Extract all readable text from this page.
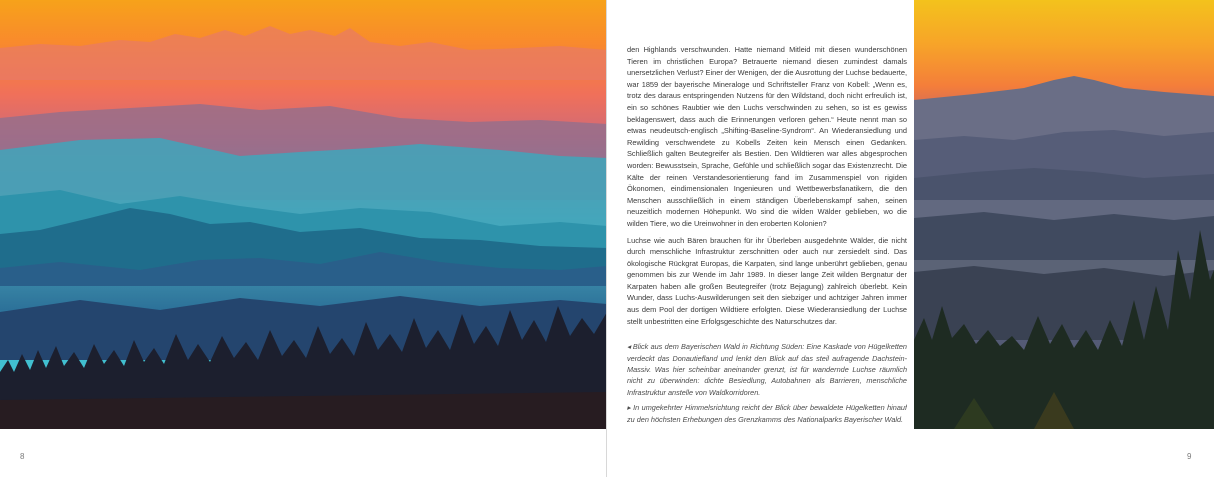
8

den Highlands verschwunden. Hatte niemand Mitleid mit diesen wunderschönen Tieren im christlichen Europa? Betrauerte niemand diesen zumindest damals unersetzlichen Verlust? Einer der Wenigen, der die Ausrottung der Luchse bedauerte, war 1859 der bayerische Mineraloge und Schriftsteller Franz von Kobell: „Wenn es, trotz des daraus entspringenden Nutzens für den Wildstand, doch nicht erfreulich ist, ein so schönes Raubtier wie den Luchs verschwinden zu sehen, so ist es gewiss beklagenswert, dass auch die Erinnerungen verloren gehen.“ Heute nennt man so etwas neudeutsch-englisch „Shifting-Baseline-Syndrom“. An Wiederansiedlung und Rewilding verschwendete zu Kobells Zeiten kein Mensch einen Gedanken. Schließlich galten Beutegreifer als Bestien. Den Wildtieren war alles abgesprochen worden: Bewusstsein, Sprache, Gefühle und schließlich sogar das Existenzrecht. Die Kälte der reinen Verstandesorientierung fand im Zusammenspiel von rigiden Ökonomen, eindimensionalen Ingenieuren und Wettbewerbsfanatikern, die den Menschen ausschließlich in einem ständigen Überlebenskampf sahen, seinen neuzeitlich modernen Höhepunkt. Wo sind die wilden Wälder geblieben, wo die wilden Tiere, wo die Ureinwohner in den eroberten Kolonien?

Luchse wie auch Bären brauchen für ihr Überleben ausgedehnte Wälder, die nicht durch menschliche Infrastruktur zerschnitten oder auch nur zersiedelt sind. Das ökologische Rückgrat Europas, die Karpaten, sind lange unberührt geblieben, genau genommen bis zur Wende im Jahr 1989. In dieser lange Zeit wilden Bergnatur der Karpaten haben alle großen Beutegreifer (trotz Bejagung) zahlreich überlebt. Kein Wunder, dass Luchs-Auswilderungen seit den siebziger und achtziger Jahren immer aus dem Pool der dortigen Wildtiere erfolgten. Diese Wiederansiedlung der Luchse stellt unbestritten eine Erfolgsgeschichte des Naturschutzes dar.

◂ Blick aus dem Bayerischen Wald in Richtung Süden: Eine Kaskade von Hügelketten verdeckt das Donautiefland und lenkt den Blick auf das steil aufragende Dachstein-Massiv. Was hier scheinbar aneinander grenzt, ist für wandernde Luchse räumlich nicht zu überwinden: dichte Besiedlung, Autobahnen als Barrieren, menschliche Infrastruktur anstelle von Waldkorridoren.

▸ In umgekehrter Himmelsrichtung reicht der Blick über bewaldete Hügelketten hinauf zu den höchsten Erhebungen des Grenzkamms des Nationalparks Bayerischer Wald.

9
